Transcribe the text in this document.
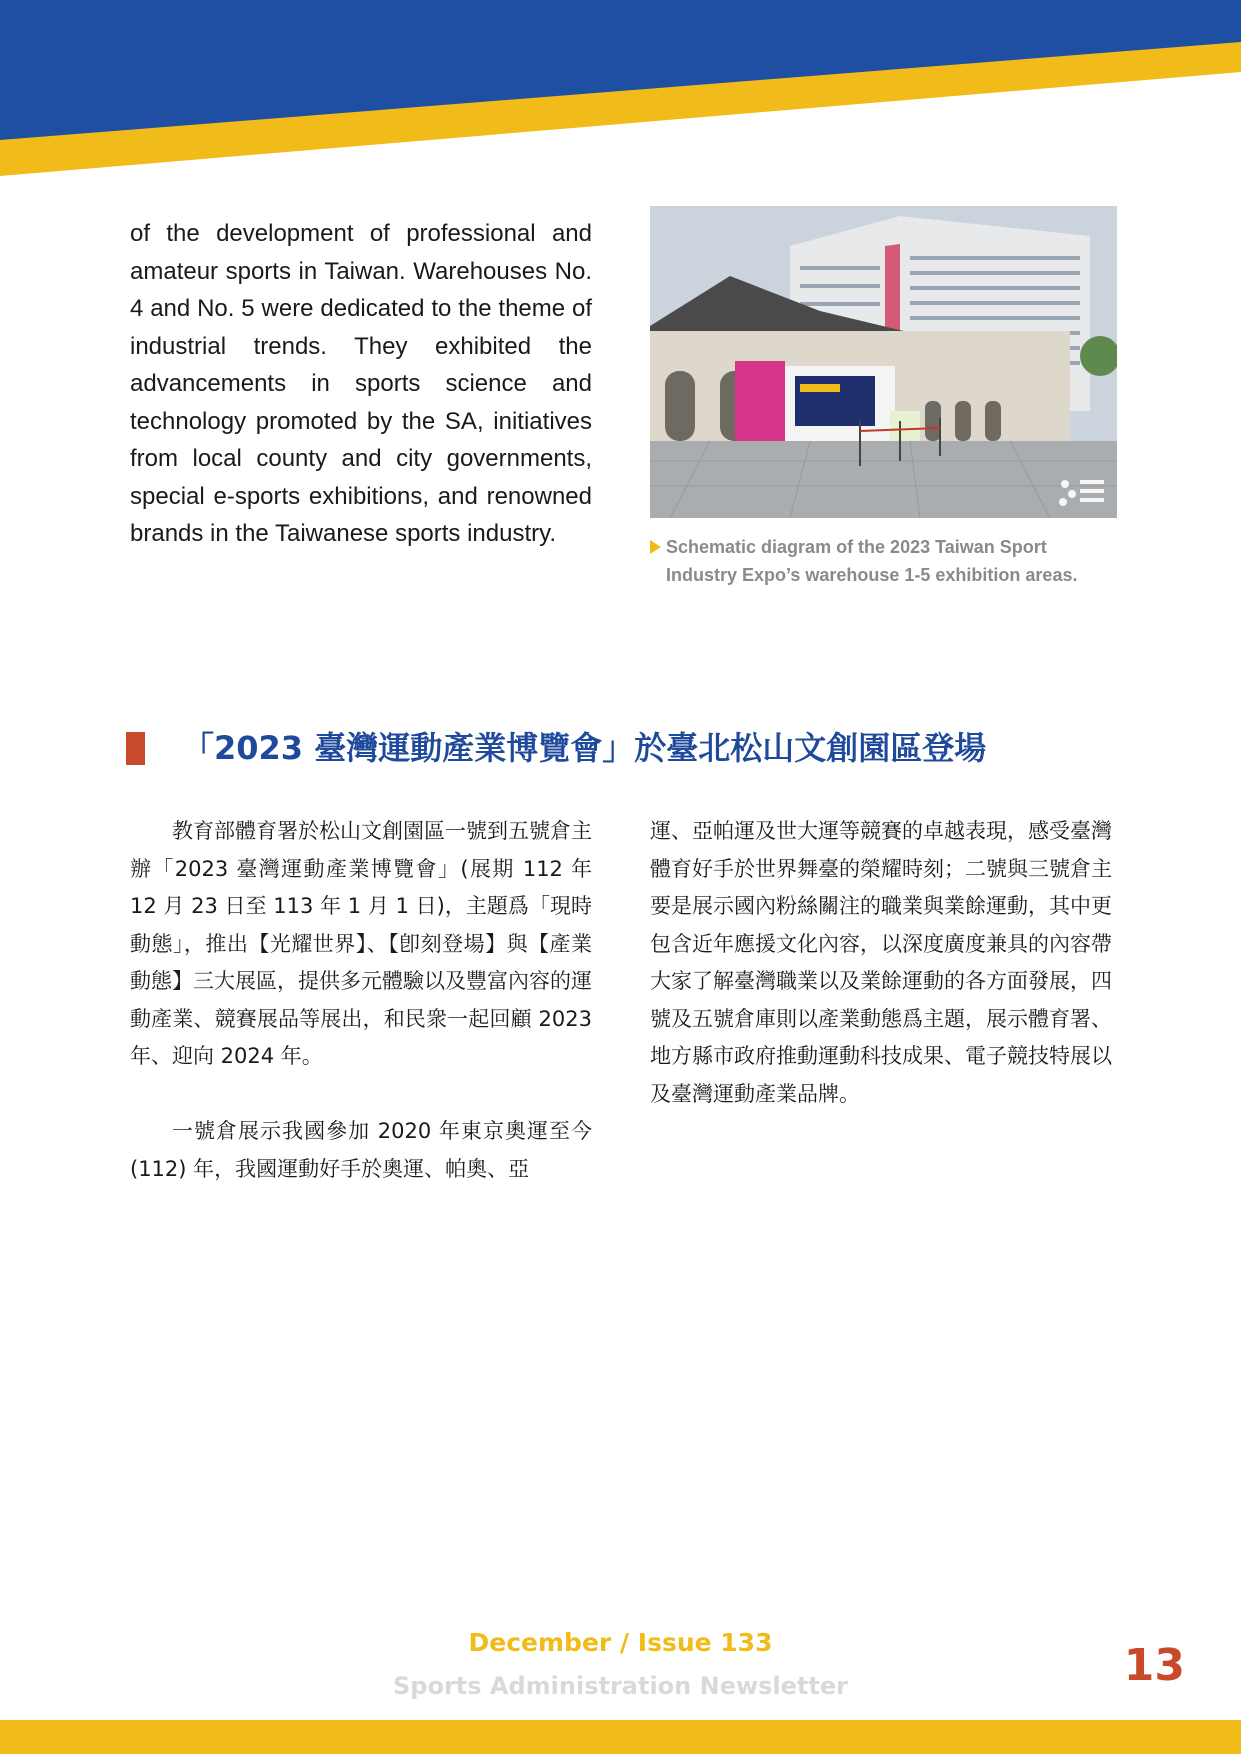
of the development of professional and amateur sports in Taiwan. Warehouses No. 4 and No. 5 were dedicated to the theme of industrial trends. They exhibited the advancements in sports science and technology promoted by the SA, initiatives from local county and city governments, special e-sports exhibitions, and renowned brands in the Taiwanese sports industry.	Schematic diagram of the 2023 Taiwan Sport Industry Expo’s warehouse 1-5 exhibition areas.

「2023 臺灣運動產業博覽會」於臺北松山文創園區登場

教育部體育署於松山文創園區一號到五號倉主辦「2023 臺灣運動產業博覽會」(展期 112 年 12 月 23 日至 113 年 1 月 1 日)，主題爲「現時動態」，推出【光耀世界】、【卽刻登場】與【產業動態】三大展區，提供多元體驗以及豐富內容的運動產業、競賽展品等展出，和民衆一起回顧 2023 年、迎向 2024 年。

一號倉展示我國參加 2020 年東京奧運至今 (112) 年，我國運動好手於奧運、帕奧、亞

運、亞帕運及世大運等競賽的卓越表現，感受臺灣體育好手於世界舞臺的榮耀時刻；二號與三號倉主要是展示國內粉絲關注的職業與業餘運動，其中更包含近年應援文化內容，以深度廣度兼具的內容帶大家了解臺灣職業以及業餘運動的各方面發展，四號及五號倉庫則以產業動態爲主題，展示體育署、地方縣市政府推動運動科技成果、電子競技特展以及臺灣運動產業品牌。

December / Issue 133
Sports Administration Newsletter	13
